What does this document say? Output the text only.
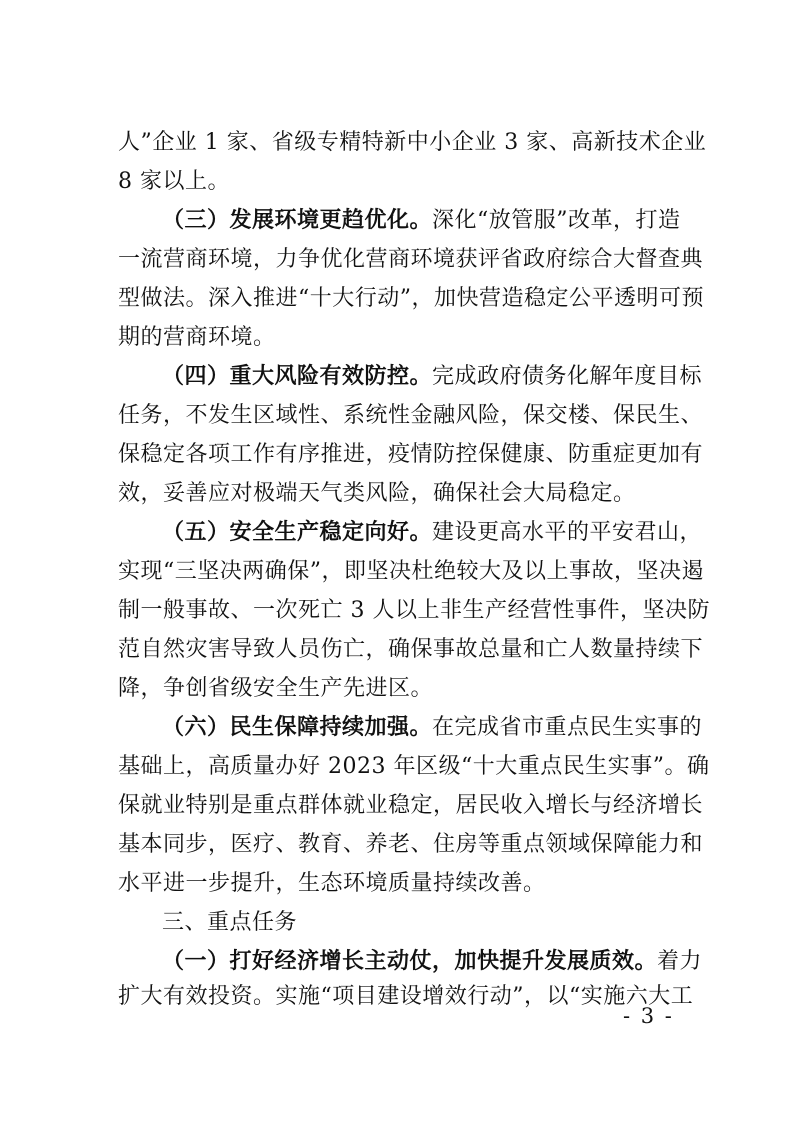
人”企业 1 家、省级专精特新中小企业 3 家、高新技术企业
8 家以上。
（三）发展环境更趋优化。深化“放管服”改革，打造
一流营商环境，力争优化营商环境获评省政府综合大督查典
型做法。深入推进“十大行动”，加快营造稳定公平透明可预
期的营商环境。
（四）重大风险有效防控。完成政府债务化解年度目标
任务，不发生区域性、系统性金融风险，保交楼、保民生、
保稳定各项工作有序推进，疫情防控保健康、防重症更加有
效，妥善应对极端天气类风险，确保社会大局稳定。
（五）安全生产稳定向好。建设更高水平的平安君山，
实现“三坚决两确保”，即坚决杜绝较大及以上事故，坚决遏
制一般事故、一次死亡 3 人以上非生产经营性事件，坚决防
范自然灾害导致人员伤亡，确保事故总量和亡人数量持续下
降，争创省级安全生产先进区。
（六）民生保障持续加强。在完成省市重点民生实事的
基础上，高质量办好 2023 年区级“十大重点民生实事”。确
保就业特别是重点群体就业稳定，居民收入增长与经济增长
基本同步，医疗、教育、养老、住房等重点领域保障能力和
水平进一步提升，生态环境质量持续改善。
三、重点任务
（一）打好经济增长主动仗，加快提升发展质效。着力
扩大有效投资。实施“项目建设增效行动”，以“实施六大工
- 3 -
